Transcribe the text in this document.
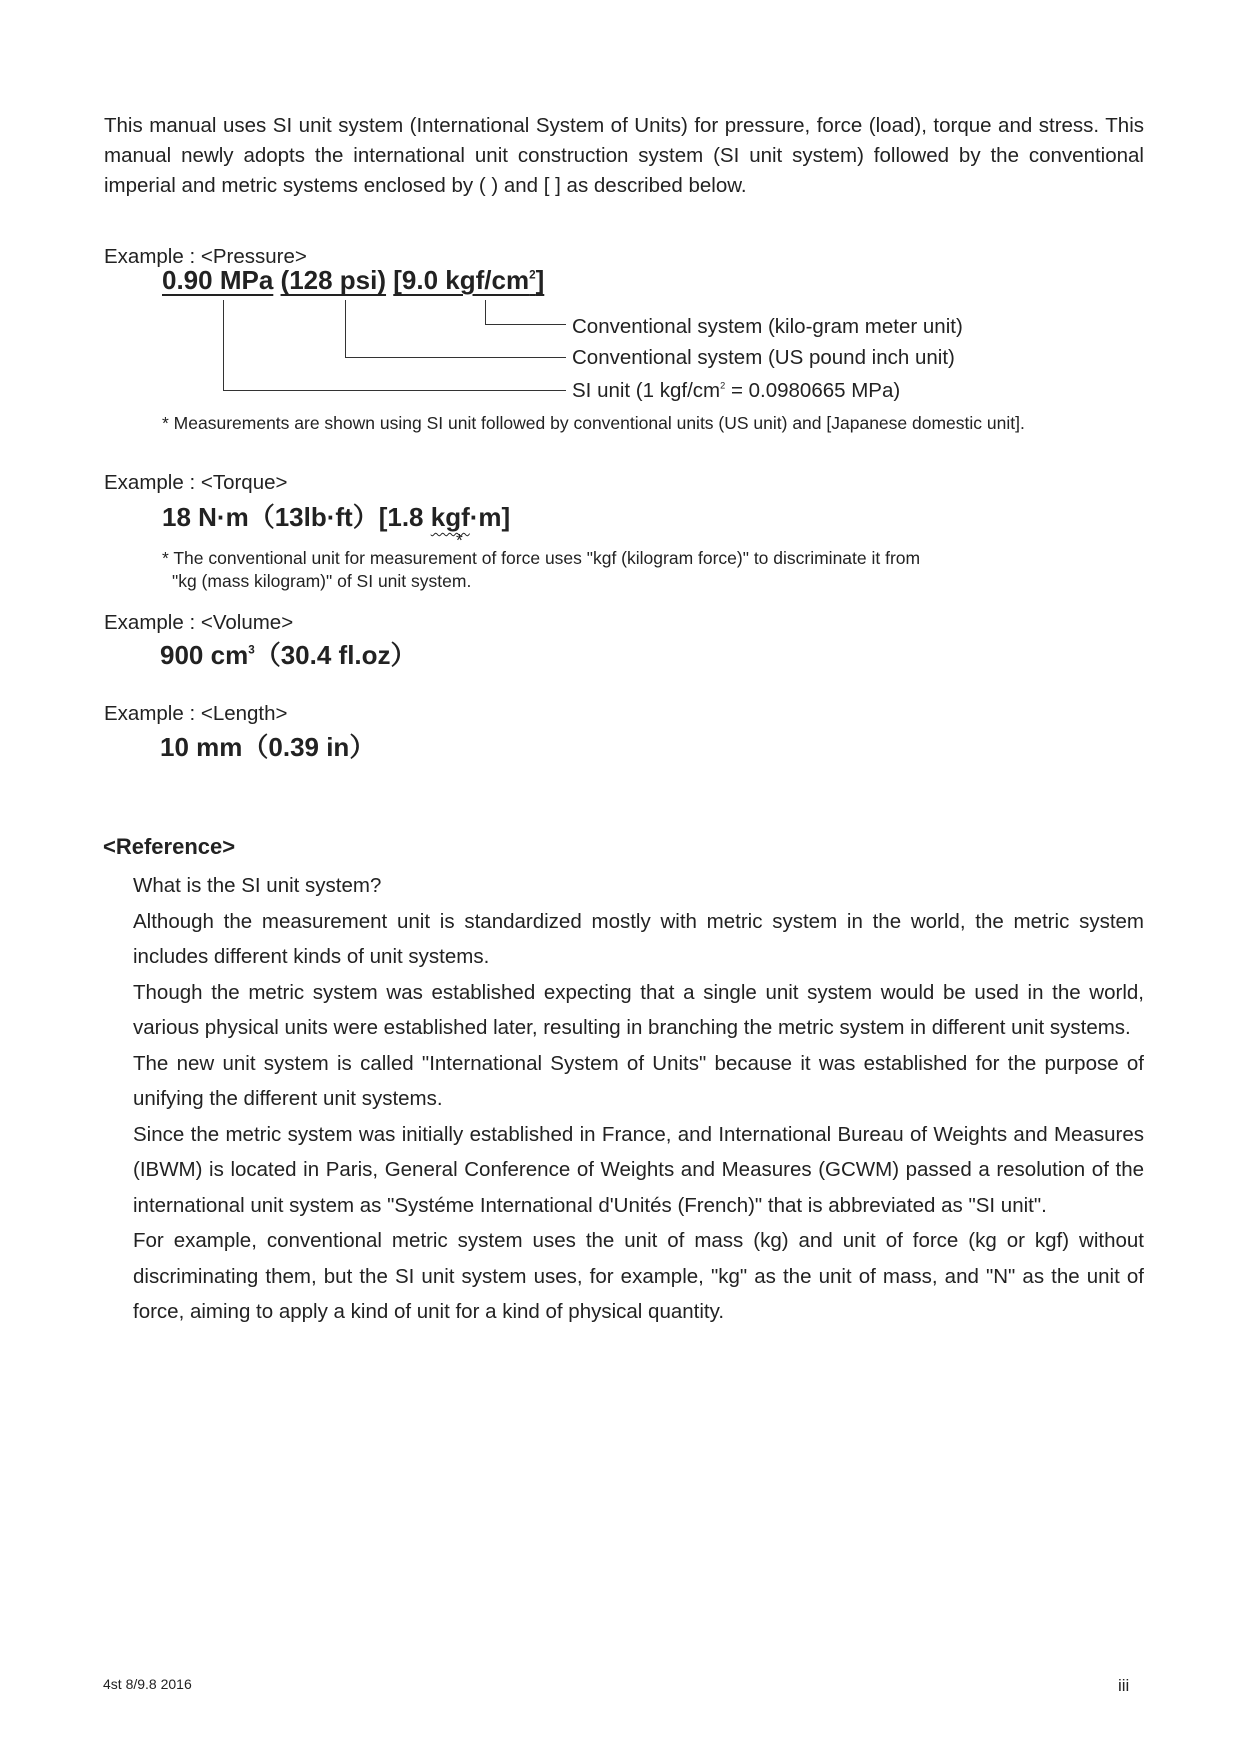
This manual uses SI unit system (International System of Units) for pressure, force (load), torque and stress. This manual newly adopts the international unit construction system (SI unit system) followed by the conventional imperial and metric systems enclosed by ( ) and [ ] as described below.

Example : <Pressure>
0.90 MPa (128 psi) [9.0 kgf/$cm^2$]
Conventional system (kilo-gram meter unit)
Conventional system (US pound inch unit)
SI unit (1 kgf/$cm^2 = 0.0980665$ MPa)
* Measurements are shown using SI unit followed by conventional units (US unit) and [Japanese domestic unit].
Example : <Torque>
18 N·m（13lb·ft）[1.8 kgf·m]
*
* The conventional unit for measurement of force uses "kgf (kilogram force)" to discriminate it from
"kg (mass kilogram)" of SI unit system.
Example : <Volume>
900 $cm^3(30.4$ fl.oz）
Example : <Length>
10 mm（0.39 in）
<Reference>

What is the SI unit system?

Although the measurement unit is standardized mostly with metric system in the world, the metric system includes different kinds of unit systems.

Though the metric system was established expecting that a single unit system would be used in the world, various physical units were established later, resulting in branching the metric system in different unit systems.

The new unit system is called "International System of Units" because it was established for the purpose of unifying the different unit systems.

Since the metric system was initially established in France, and International Bureau of Weights and Measures (IBWM) is located in Paris, General Conference of Weights and Measures (GCWM) passed a resolution of the international unit system as "Systéme International d'Unités (French)" that is abbreviated as "SI unit".

For example, conventional metric system uses the unit of mass (kg) and unit of force (kg or kgf) without discriminating them, but the SI unit system uses, for example, "kg" as the unit of mass, and "N" as the unit of force, aiming to apply a kind of unit for a kind of physical quantity.

4st 8/9.8 2016	iii
